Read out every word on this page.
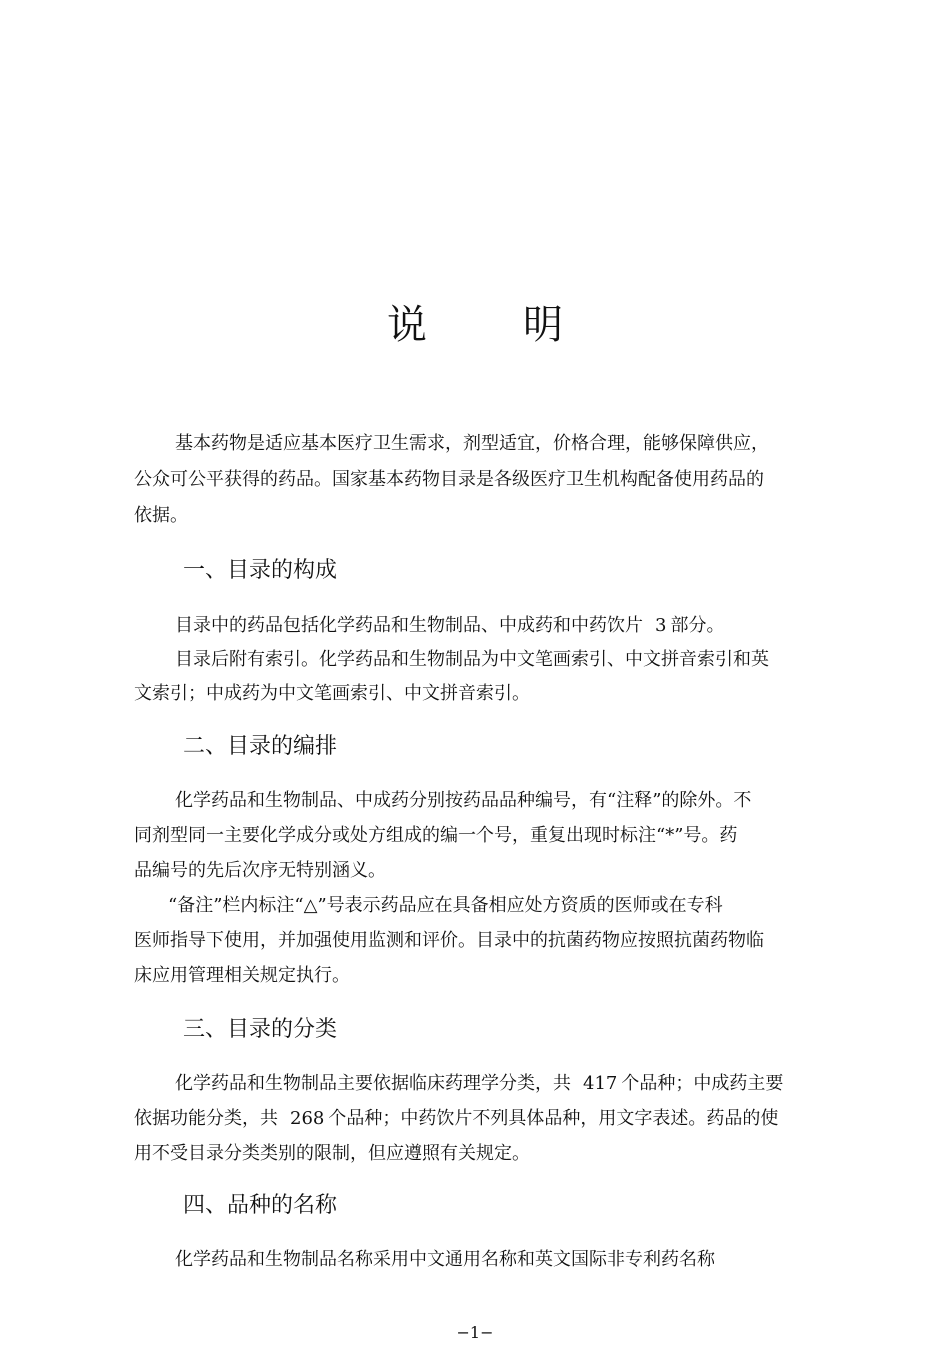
说 明
基本药物是适应基本医疗卫生需求，剂型适宜，价格合理，能够保障供应，
公众可公平获得的药品。国家基本药物目录是各级医疗卫生机构配备使用药品的
依据。
一、目录的构成
目录中的药品包括化学药品和生物制品、中成药和中药饮片 3 部分。
目录后附有索引。化学药品和生物制品为中文笔画索引、中文拼音索引和英
文索引；中成药为中文笔画索引、中文拼音索引。
二、目录的编排
化学药品和生物制品、中成药分别按药品品种编号，有“注释”的除外。不
同剂型同一主要化学成分或处方组成的编一个号，重复出现时标注“*”号。药
品编号的先后次序无特别涵义。
“备注”栏内标注“△”号表示药品应在具备相应处方资质的医师或在专科
医师指导下使用，并加强使用监测和评价。目录中的抗菌药物应按照抗菌药物临
床应用管理相关规定执行。
三、目录的分类
化学药品和生物制品主要依据临床药理学分类，共 417 个品种；中成药主要
依据功能分类，共 268 个品种；中药饮片不列具体品种，用文字表述。药品的使
用不受目录分类类别的限制，但应遵照有关规定。
四、品种的名称
化学药品和生物制品名称采用中文通用名称和英文国际非专利药名称
−1−
